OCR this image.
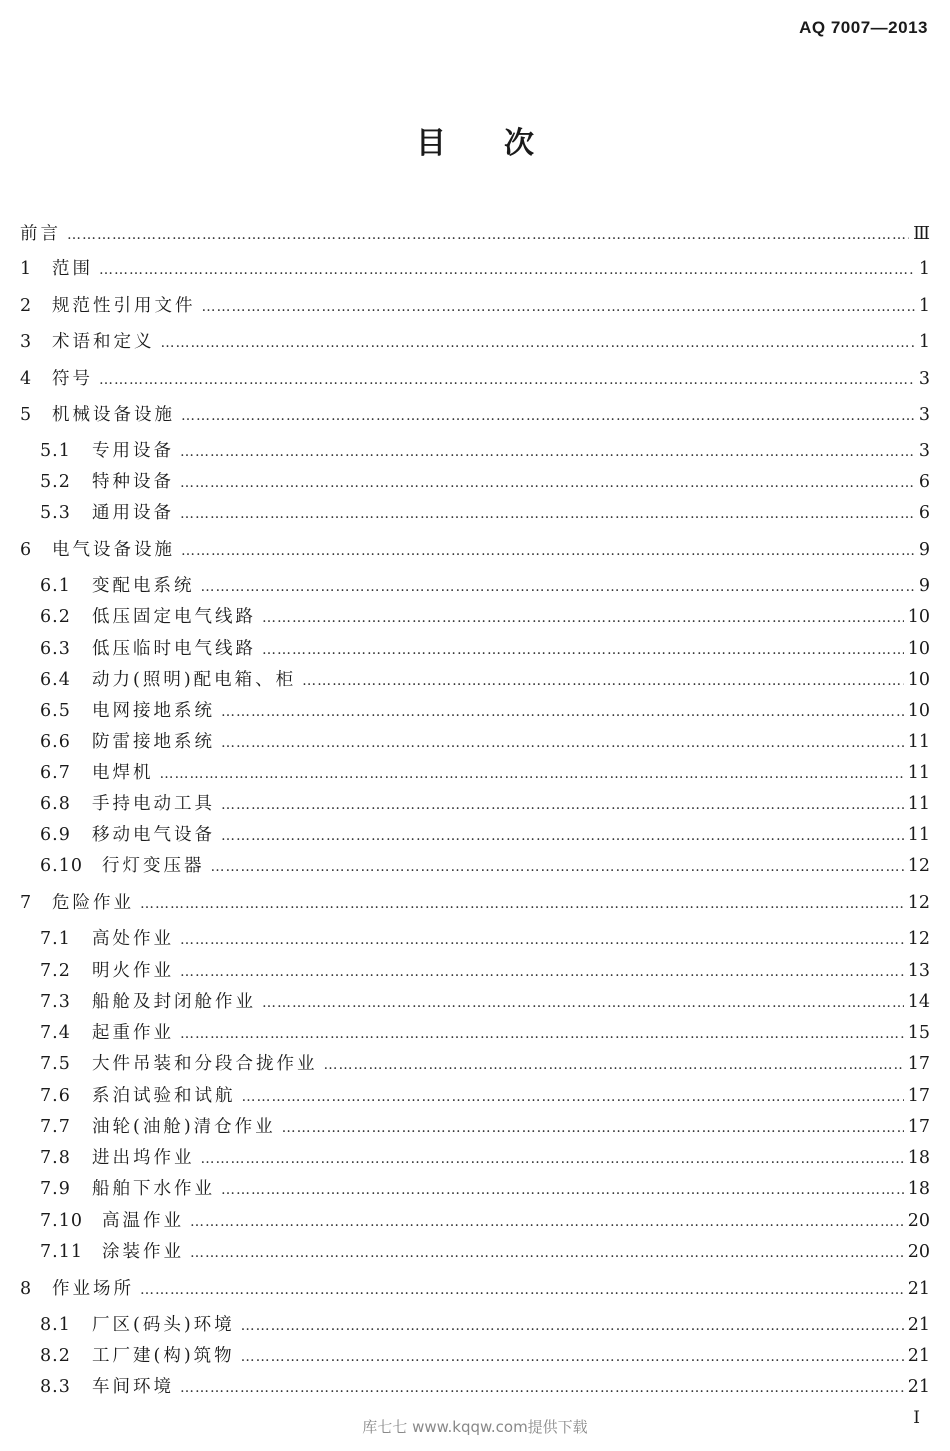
AQ 7007—2013
目次
前言 ……………………………………………………………………………………………………………………………………………………………………………………………………………………………………………………	Ⅲ
1	范围 ……………………………………………………………………………………………………………………………………………………………………………………………………………………………………………………	1
2	规范性引用文件 ……………………………………………………………………………………………………………………………………………………………………………………………………………………………………………………	1
3	术语和定义 ……………………………………………………………………………………………………………………………………………………………………………………………………………………………………………………	1
4	符号 ……………………………………………………………………………………………………………………………………………………………………………………………………………………………………………………	3
5	机械设备设施 ……………………………………………………………………………………………………………………………………………………………………………………………………………………………………………………	3
5.1	专用设备 ……………………………………………………………………………………………………………………………………………………………………………………………………………………………………………………	3
5.2	特种设备 ……………………………………………………………………………………………………………………………………………………………………………………………………………………………………………………	6
5.3	通用设备 ……………………………………………………………………………………………………………………………………………………………………………………………………………………………………………………	6
6	电气设备设施 ……………………………………………………………………………………………………………………………………………………………………………………………………………………………………………………	9
6.1	变配电系统 ……………………………………………………………………………………………………………………………………………………………………………………………………………………………………………………	9
6.2	低压固定电气线路 ……………………………………………………………………………………………………………………………………………………………………………………………………………………………………………………	10
6.3	低压临时电气线路 ……………………………………………………………………………………………………………………………………………………………………………………………………………………………………………………	10
6.4	动力(照明)配电箱、柜 ……………………………………………………………………………………………………………………………………………………………………………………………………………………………………………………	10
6.5	电网接地系统 ……………………………………………………………………………………………………………………………………………………………………………………………………………………………………………………	10
6.6	防雷接地系统 ……………………………………………………………………………………………………………………………………………………………………………………………………………………………………………………	11
6.7	电焊机 ……………………………………………………………………………………………………………………………………………………………………………………………………………………………………………………	11
6.8	手持电动工具 ……………………………………………………………………………………………………………………………………………………………………………………………………………………………………………………	11
6.9	移动电气设备 ……………………………………………………………………………………………………………………………………………………………………………………………………………………………………………………	11
6.10	行灯变压器 ……………………………………………………………………………………………………………………………………………………………………………………………………………………………………………………	12
7	危险作业 ……………………………………………………………………………………………………………………………………………………………………………………………………………………………………………………	12
7.1	高处作业 ……………………………………………………………………………………………………………………………………………………………………………………………………………………………………………………	12
7.2	明火作业 ……………………………………………………………………………………………………………………………………………………………………………………………………………………………………………………	13
7.3	船舱及封闭舱作业 ……………………………………………………………………………………………………………………………………………………………………………………………………………………………………………………	14
7.4	起重作业 ……………………………………………………………………………………………………………………………………………………………………………………………………………………………………………………	15
7.5	大件吊装和分段合拢作业 ……………………………………………………………………………………………………………………………………………………………………………………………………………………………………………………	17
7.6	系泊试验和试航 ……………………………………………………………………………………………………………………………………………………………………………………………………………………………………………………	17
7.7	油轮(油舱)清仓作业 ……………………………………………………………………………………………………………………………………………………………………………………………………………………………………………………	17
7.8	进出坞作业 ……………………………………………………………………………………………………………………………………………………………………………………………………………………………………………………	18
7.9	船舶下水作业 ……………………………………………………………………………………………………………………………………………………………………………………………………………………………………………………	18
7.10	高温作业 ……………………………………………………………………………………………………………………………………………………………………………………………………………………………………………………	20
7.11	涂装作业 ……………………………………………………………………………………………………………………………………………………………………………………………………………………………………………………	20
8	作业场所 ……………………………………………………………………………………………………………………………………………………………………………………………………………………………………………………	21
8.1	厂区(码头)环境 ……………………………………………………………………………………………………………………………………………………………………………………………………………………………………………………	21
8.2	工厂建(构)筑物 ……………………………………………………………………………………………………………………………………………………………………………………………………………………………………………………	21
8.3	车间环境 ……………………………………………………………………………………………………………………………………………………………………………………………………………………………………………………	21
库七七 www.kqqw.com提供下载	I
